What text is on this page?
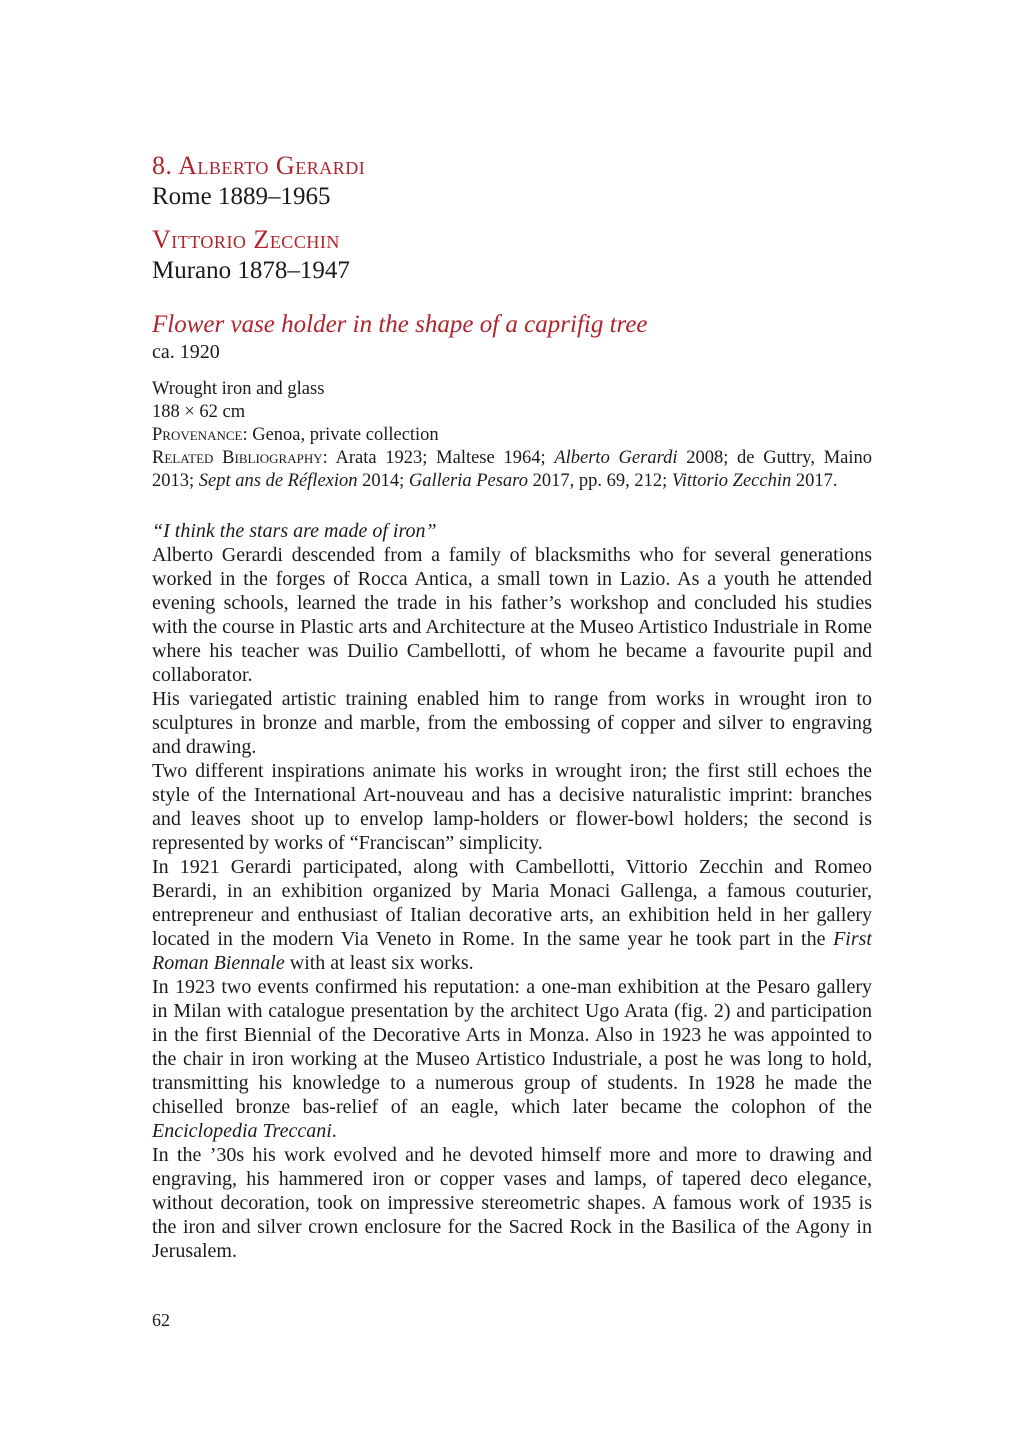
8. Alberto Gerardi
Rome 1889–1965
Vittorio Zecchin
Murano 1878–1947
Flower vase holder in the shape of a caprifig tree
ca. 1920
Wrought iron and glass
188 × 62 cm
Provenance: Genoa, private collection
Related Bibliography: Arata 1923; Maltese 1964; Alberto Gerardi 2008; de Guttry, Maino 2013; Sept ans de Réflexion 2014; Galleria Pesaro 2017, pp. 69, 212; Vittorio Zecchin 2017.
“I think the stars are made of iron”

Alberto Gerardi descended from a family of blacksmiths who for several generations worked in the forges of Rocca Antica, a small town in Lazio. As a youth he attended evening schools, learned the trade in his father’s workshop and concluded his studies with the course in Plastic arts and Architecture at the Museo Artistico Industriale in Rome where his teacher was Duilio Cambellotti, of whom he became a favourite pupil and collaborator.

His variegated artistic training enabled him to range from works in wrought iron to sculptures in bronze and marble, from the embossing of copper and silver to engraving and drawing.

Two different inspirations animate his works in wrought iron; the first still echoes the style of the International Art-nouveau and has a decisive naturalistic imprint: branches and leaves shoot up to envelop lamp-holders or flower-bowl holders; the second is represented by works of “Franciscan” simplicity.

In 1921 Gerardi participated, along with Cambellotti, Vittorio Zecchin and Romeo Berardi, in an exhibition organized by Maria Monaci Gallenga, a famous couturier, entrepreneur and enthusiast of Italian decorative arts, an exhibition held in her gallery located in the modern Via Veneto in Rome. In the same year he took part in the First Roman Biennale with at least six works.

In 1923 two events confirmed his reputation: a one-man exhibition at the Pesaro gallery in Milan with catalogue presentation by the architect Ugo Arata (fig. 2) and participation in the first Biennial of the Decorative Arts in Monza. Also in 1923 he was appointed to the chair in iron working at the Museo Artistico Industriale, a post he was long to hold, transmitting his knowledge to a numerous group of students. In 1928 he made the chiselled bronze bas-relief of an eagle, which later became the colophon of the Enciclopedia Treccani.

In the ’30s his work evolved and he devoted himself more and more to drawing and engraving, his hammered iron or copper vases and lamps, of tapered deco elegance, without decoration, took on impressive stereometric shapes. A famous work of 1935 is the iron and silver crown enclosure for the Sacred Rock in the Basilica of the Agony in Jerusalem.

62
